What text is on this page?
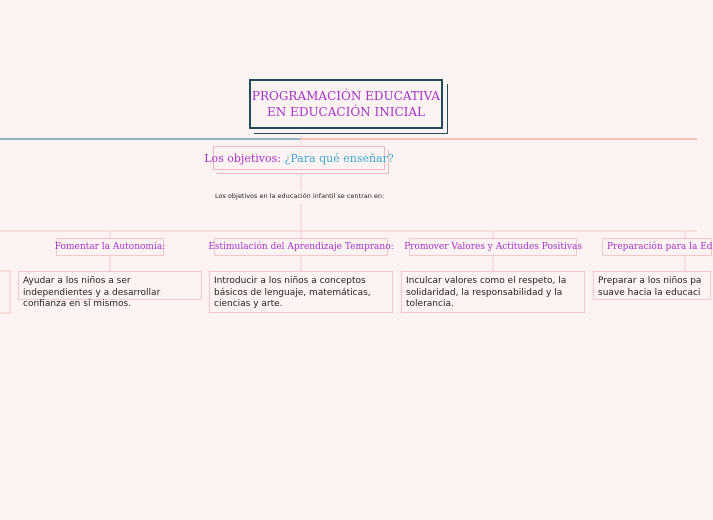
PROGRAMACIÓN EDUCATIVA
EN EDUCACIÓN INICIAL
Los objetivos:
¿Para qué enseñar?
Los objetivos en la educación infantil se centran en:
Fomentar la Autonomía:	Estimulación del Aprendizaje Temprano: Promover Valores y Actitudes Positivas	Preparación para la Ed
Ayudar a los niños a ser independientes y a desarrollar confianza en sí mismos.
Introducir a los niños a conceptos básicos de lenguaje, matemáticas, ciencias y arte.
Inculcar valores como el respeto, la solidaridad, la responsabilidad y la tolerancia.
Preparar a los niños pa suave hacia la educaci
